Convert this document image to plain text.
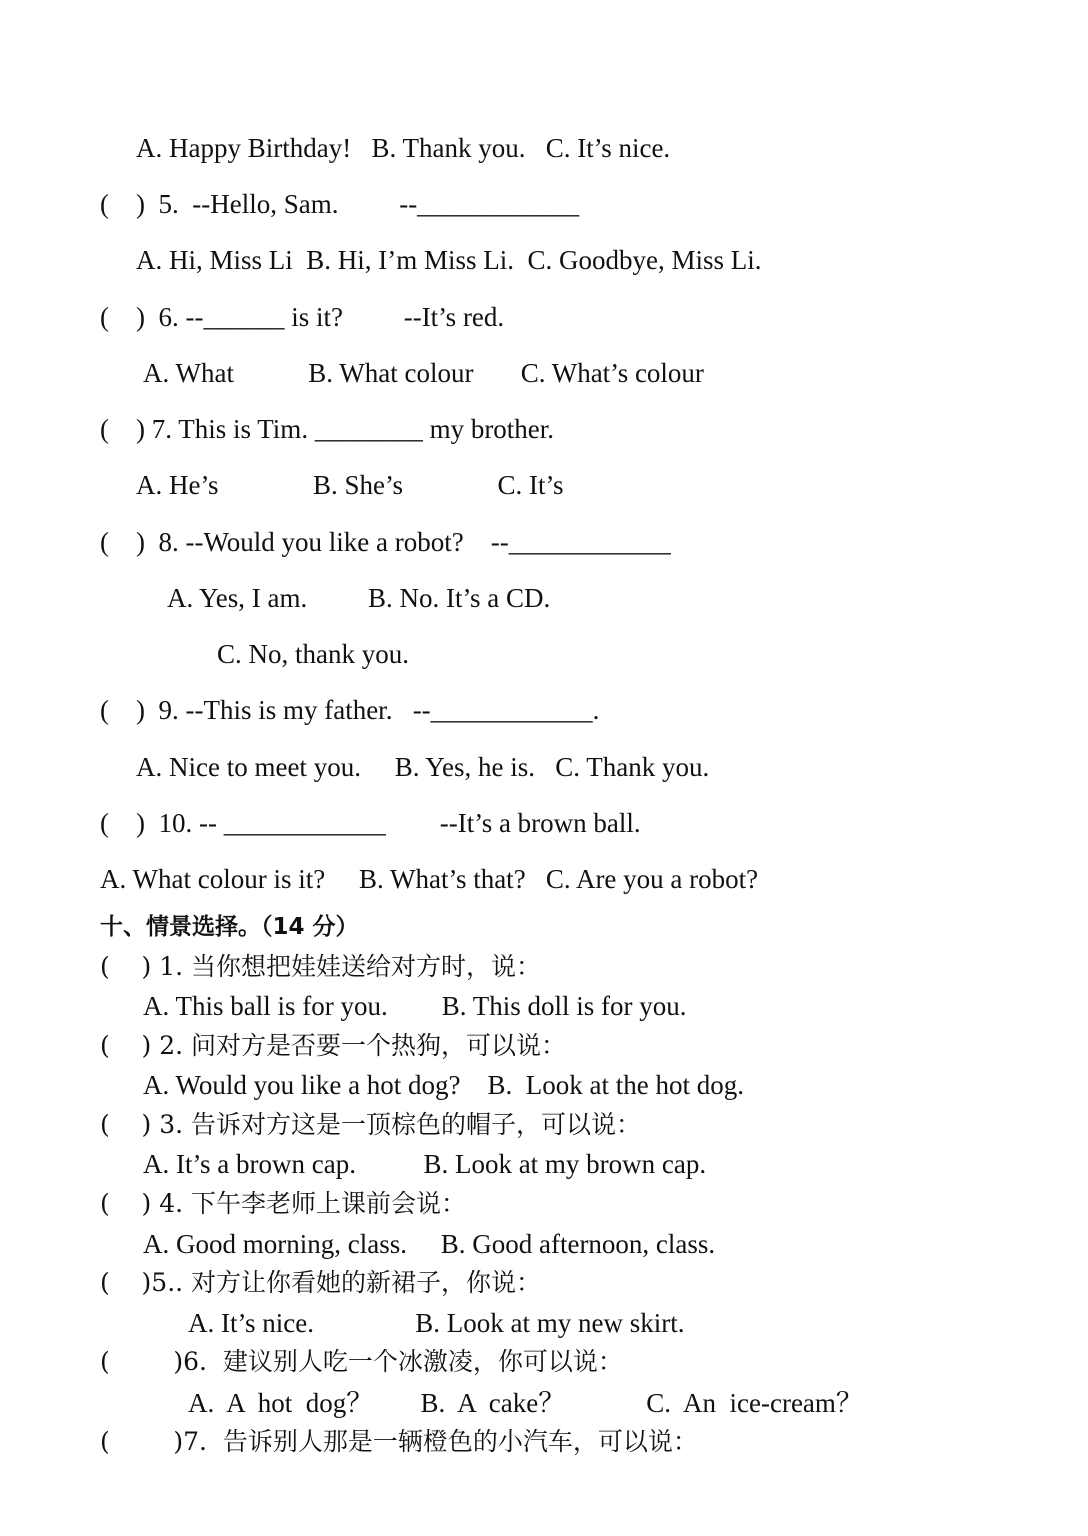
A. Happy Birthday!   B. Thank you.   C. It’s nice.
(    )  5.  --Hello, Sam.         --____________
A. Hi, Miss Li  B. Hi, I’m Miss Li.  C. Goodbye, Miss Li.
(    )  6. --______ is it?         --It’s red.
A. What           B. What colour       C. What’s colour
(    ) 7. This is Tim. ________ my brother.
A. He’s              B. She’s              C. It’s
(    )  8. --Would you like a robot?    --____________
A. Yes, I am.         B. No. It’s a CD.
C. No, thank you.
(    )  9. --This is my father.   --____________.
A. Nice to meet you.     B. Yes, he is.   C. Thank you.
(    )  10. -- ____________        --It’s a brown ball.
A. What colour is it?     B. What’s that?   C. Are you a robot?
十、情景选择。（14 分）
(    ) 1. 当你想把娃娃送给对方时，说：
A. This ball is for you.        B. This doll is for you.
(    ) 2. 问对方是否要一个热狗，可以说：
A. Would you like a hot dog?    B.  Look at the hot dog.
(    ) 3. 告诉对方这是一顶棕色的帽子，可以说：
A. It’s a brown cap.          B. Look at my brown cap.
(    ) 4. 下午李老师上课前会说：
A. Good morning, class.     B. Good afternoon, class.
(    )5.. 对方让你看她的新裙子，你说：
A. It’s nice.               B. Look at my new skirt.
(        )6.  建议别人吃一个冰激凌，你可以说：
A.  A  hot  dog？       B.  A  cake？            C.  An  ice-cream？
(        )7.  告诉别人那是一辆橙色的小汽车，可以说：
